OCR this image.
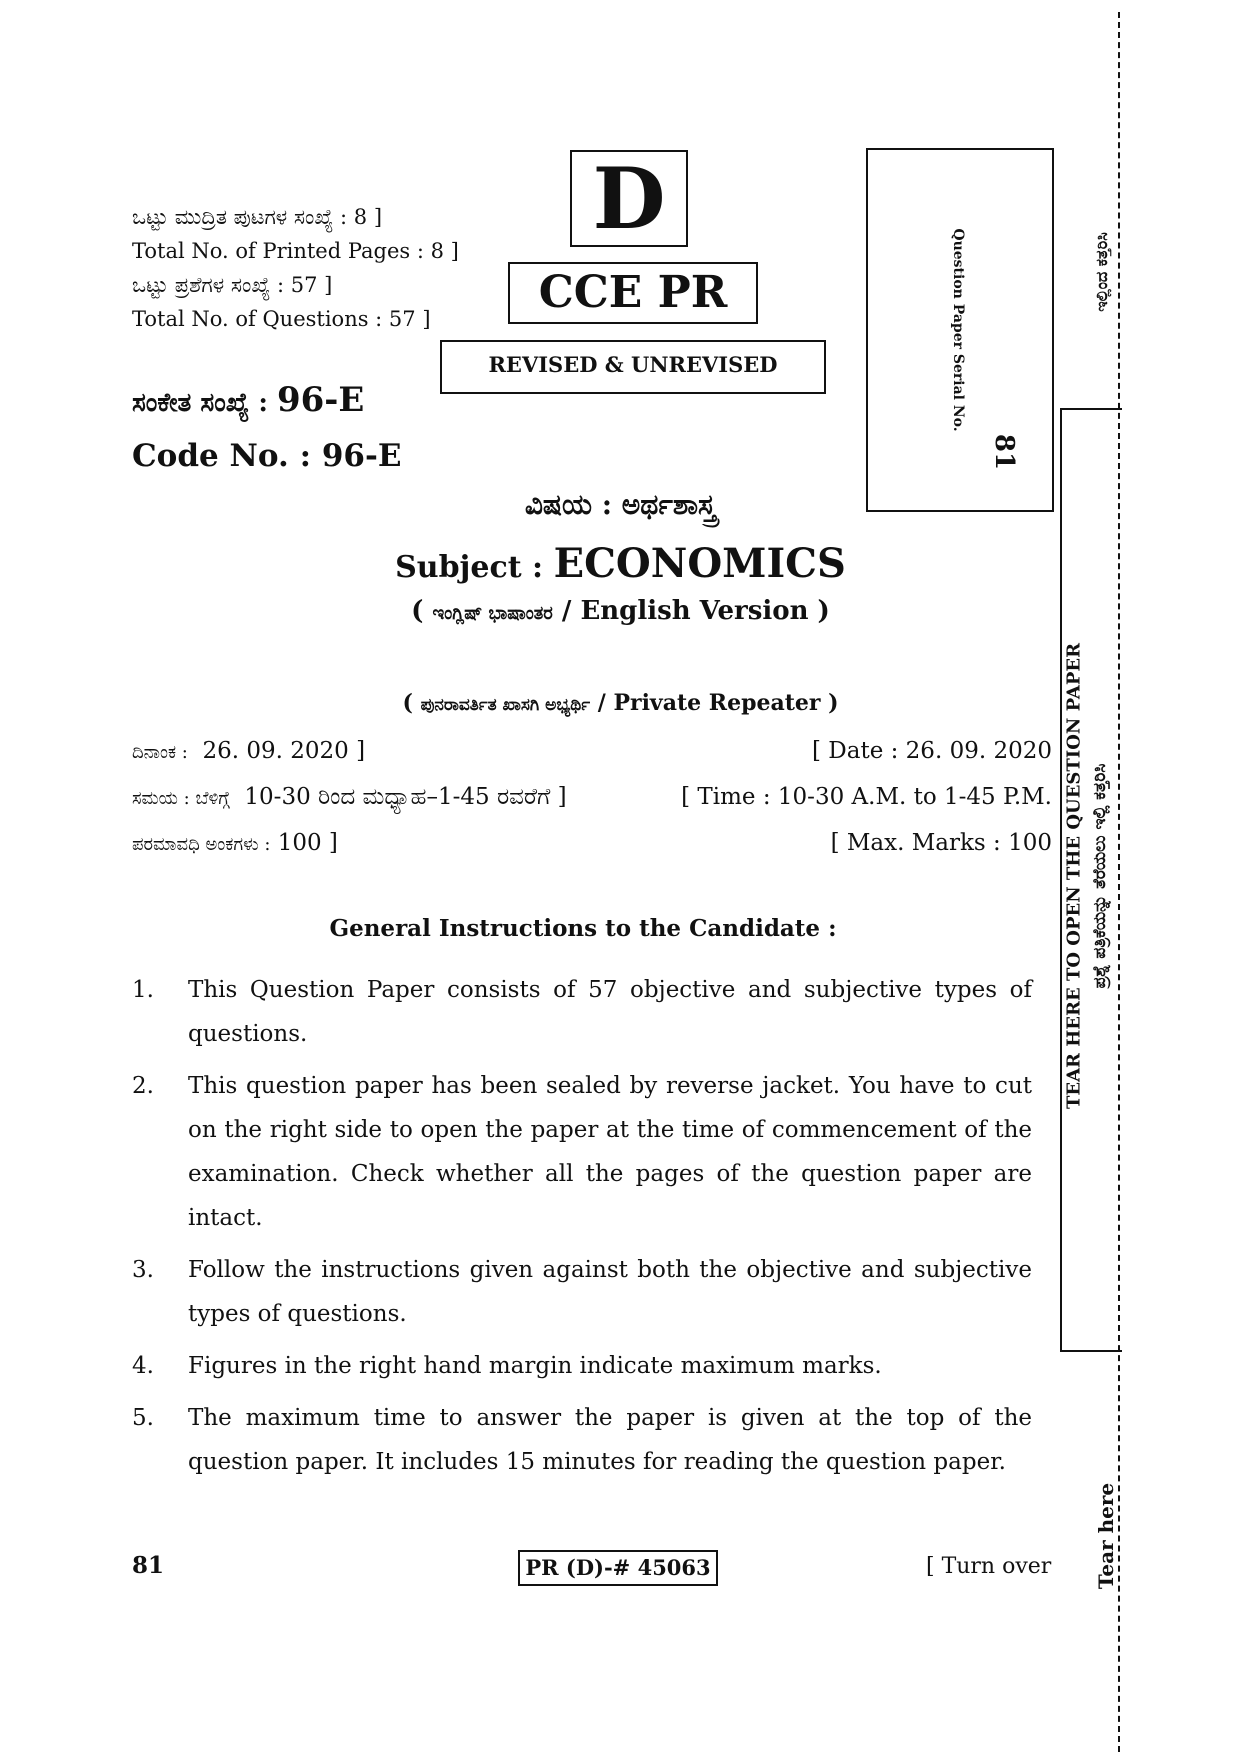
ಒಟ್ಟು ಮುದ್ರಿತ ಪುಟಗಳ ಸಂಖ್ಯೆ : 8 ]
Total No. of Printed Pages : 8 ]
ಒಟ್ಟು ಪ್ರಶೆಗಳ ಸಂಖ್ಯೆ : 57 ]
Total No. of Questions : 57 ]
D
CCE PR
REVISED & UNREVISED
ಸಂಕೇತ ಸಂಖ್ಯೆ : 96-E
Code No. : 96-E
Question Paper Serial No.
81
ಇಲ್ಲಿಂದ ಕತ್ತರಿಸಿ
ವಿಷಯ : ಅರ್ಥಶಾಸ್ತ್ರ
Subject : ECONOMICS
( ಇಂಗ್ಲಿಷ್ ಭಾಷಾಂತರ / English Version )
( ಪುನರಾವರ್ತಿತ ಖಾಸಗಿ ಅಭ್ಯರ್ಥಿ / Private Repeater )
ದಿನಾಂಕ : 26. 09. 2020 ]	[ Date : 26. 09. 2020
ಸಮಯ : ಬೆಳಿಗ್ಗೆ 10-30 ರಿಂದ ಮಧ್ಯಾಹ–1-45 ರವರೆಗೆ ]	[ Time : 10-30 A.M. to 1-45 P.M.
ಪರಮಾವಧಿ ಅಂಕಗಳು : 100 ]	[ Max. Marks : 100
General Instructions to the Candidate :
1.	This Question Paper consists of 57 objective and subjective types of questions.
2.	This question paper has been sealed by reverse jacket. You have to cut on the right side to open the paper at the time of commencement of the examination. Check whether all the pages of the question paper are intact.
3.	Follow the instructions given against both the objective and subjective types of questions.
4.	Figures in the right hand margin indicate maximum marks.
5.	The maximum time to answer the paper is given at the top of the question paper. It includes 15 minutes for reading the question paper.
TEAR HERE TO OPEN THE QUESTION PAPER ಪ್ರಶ್ನೆ ಪತ್ರಿಕೆಯನ್ನು ತೆರೆಯಲು ಇಲ್ಲಿ ಕತ್ತರಿಸಿ
Tear here
81	PR (D)-# 45063	[ Turn over
